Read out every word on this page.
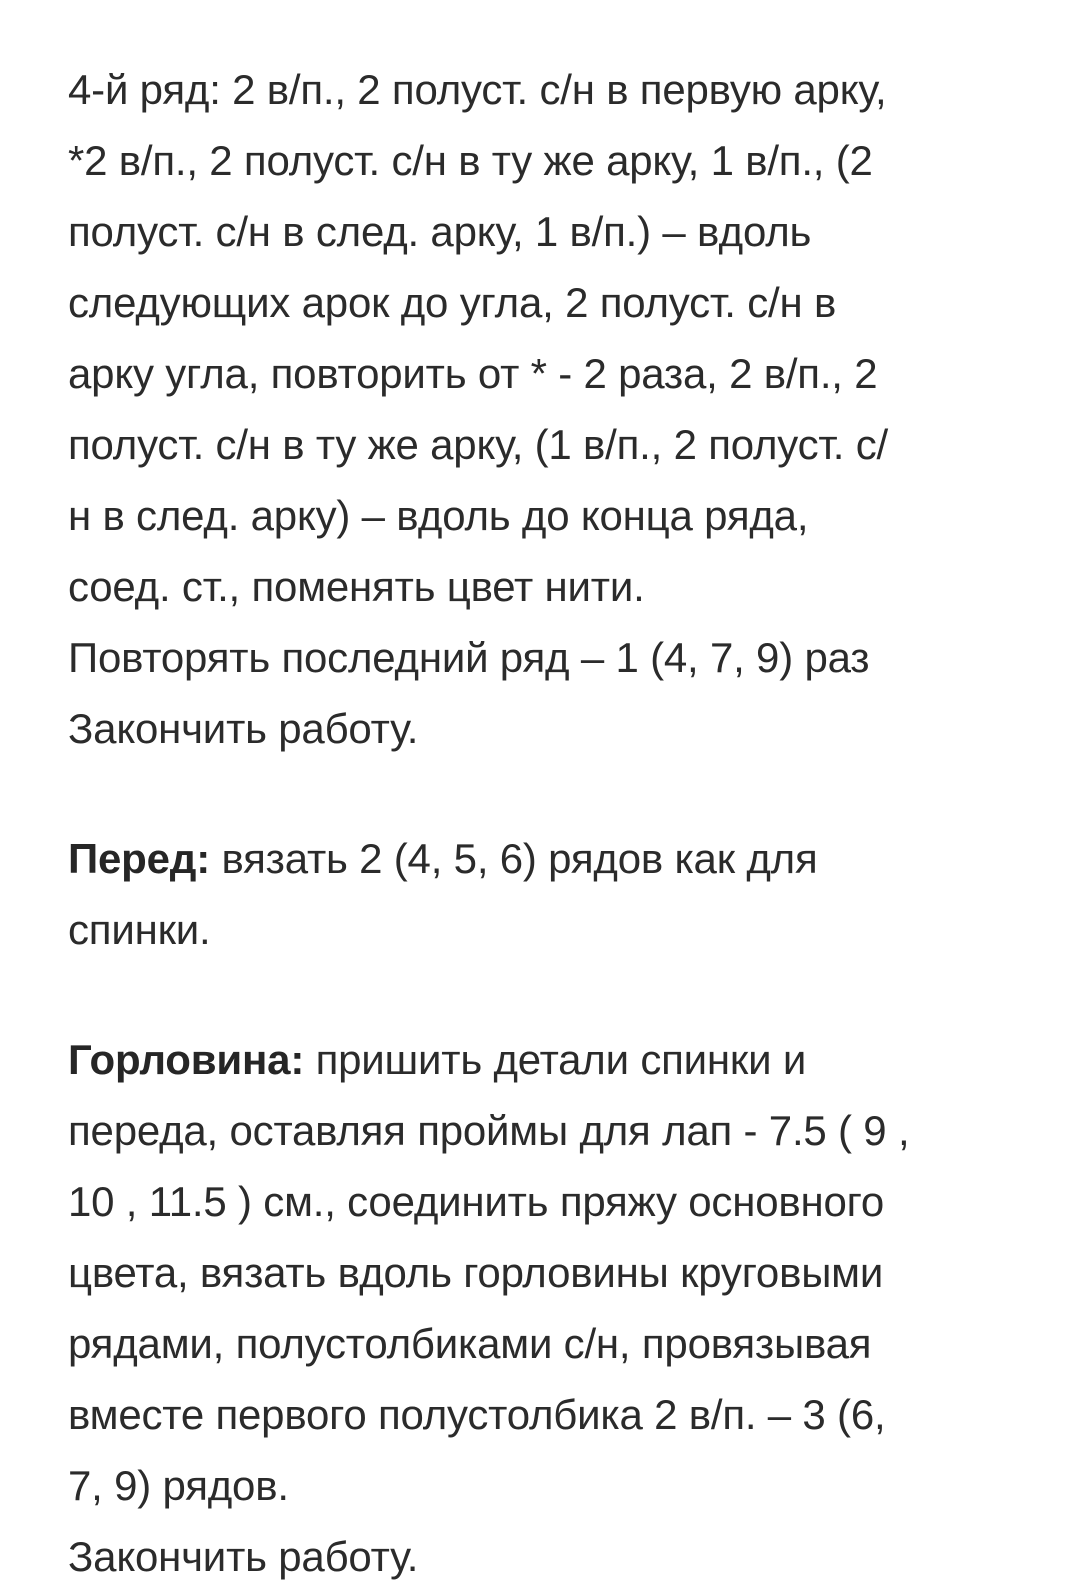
4-й ряд: 2 в/п., 2 полуст. с/н в первую арку,
*2 в/п., 2 полуст. с/н в ту же арку, 1 в/п., (2
полуст. с/н в след. арку, 1 в/п.) – вдоль
следующих арок до угла, 2 полуст. с/н в
арку угла, повторить от * - 2 раза, 2 в/п., 2
полуст. с/н в ту же арку, (1 в/п., 2 полуст. с/
н в след. арку) – вдоль до конца ряда,
соед. ст., поменять цвет нити.
Повторять последний ряд – 1 (4, 7, 9) раз
Закончить работу.
Перед: вязать 2 (4, 5, 6) рядов как для
спинки.
Горловина: пришить детали спинки и
переда, оставляя проймы для лап - 7.5 ( 9 ,
10 , 11.5 ) см., соединить пряжу основного
цвета, вязать вдоль горловины круговыми
рядами, полустолбиками с/н, провязывая
вместе первого полустолбика 2 в/п. – 3 (6,
7, 9) рядов.
Закончить работу.
